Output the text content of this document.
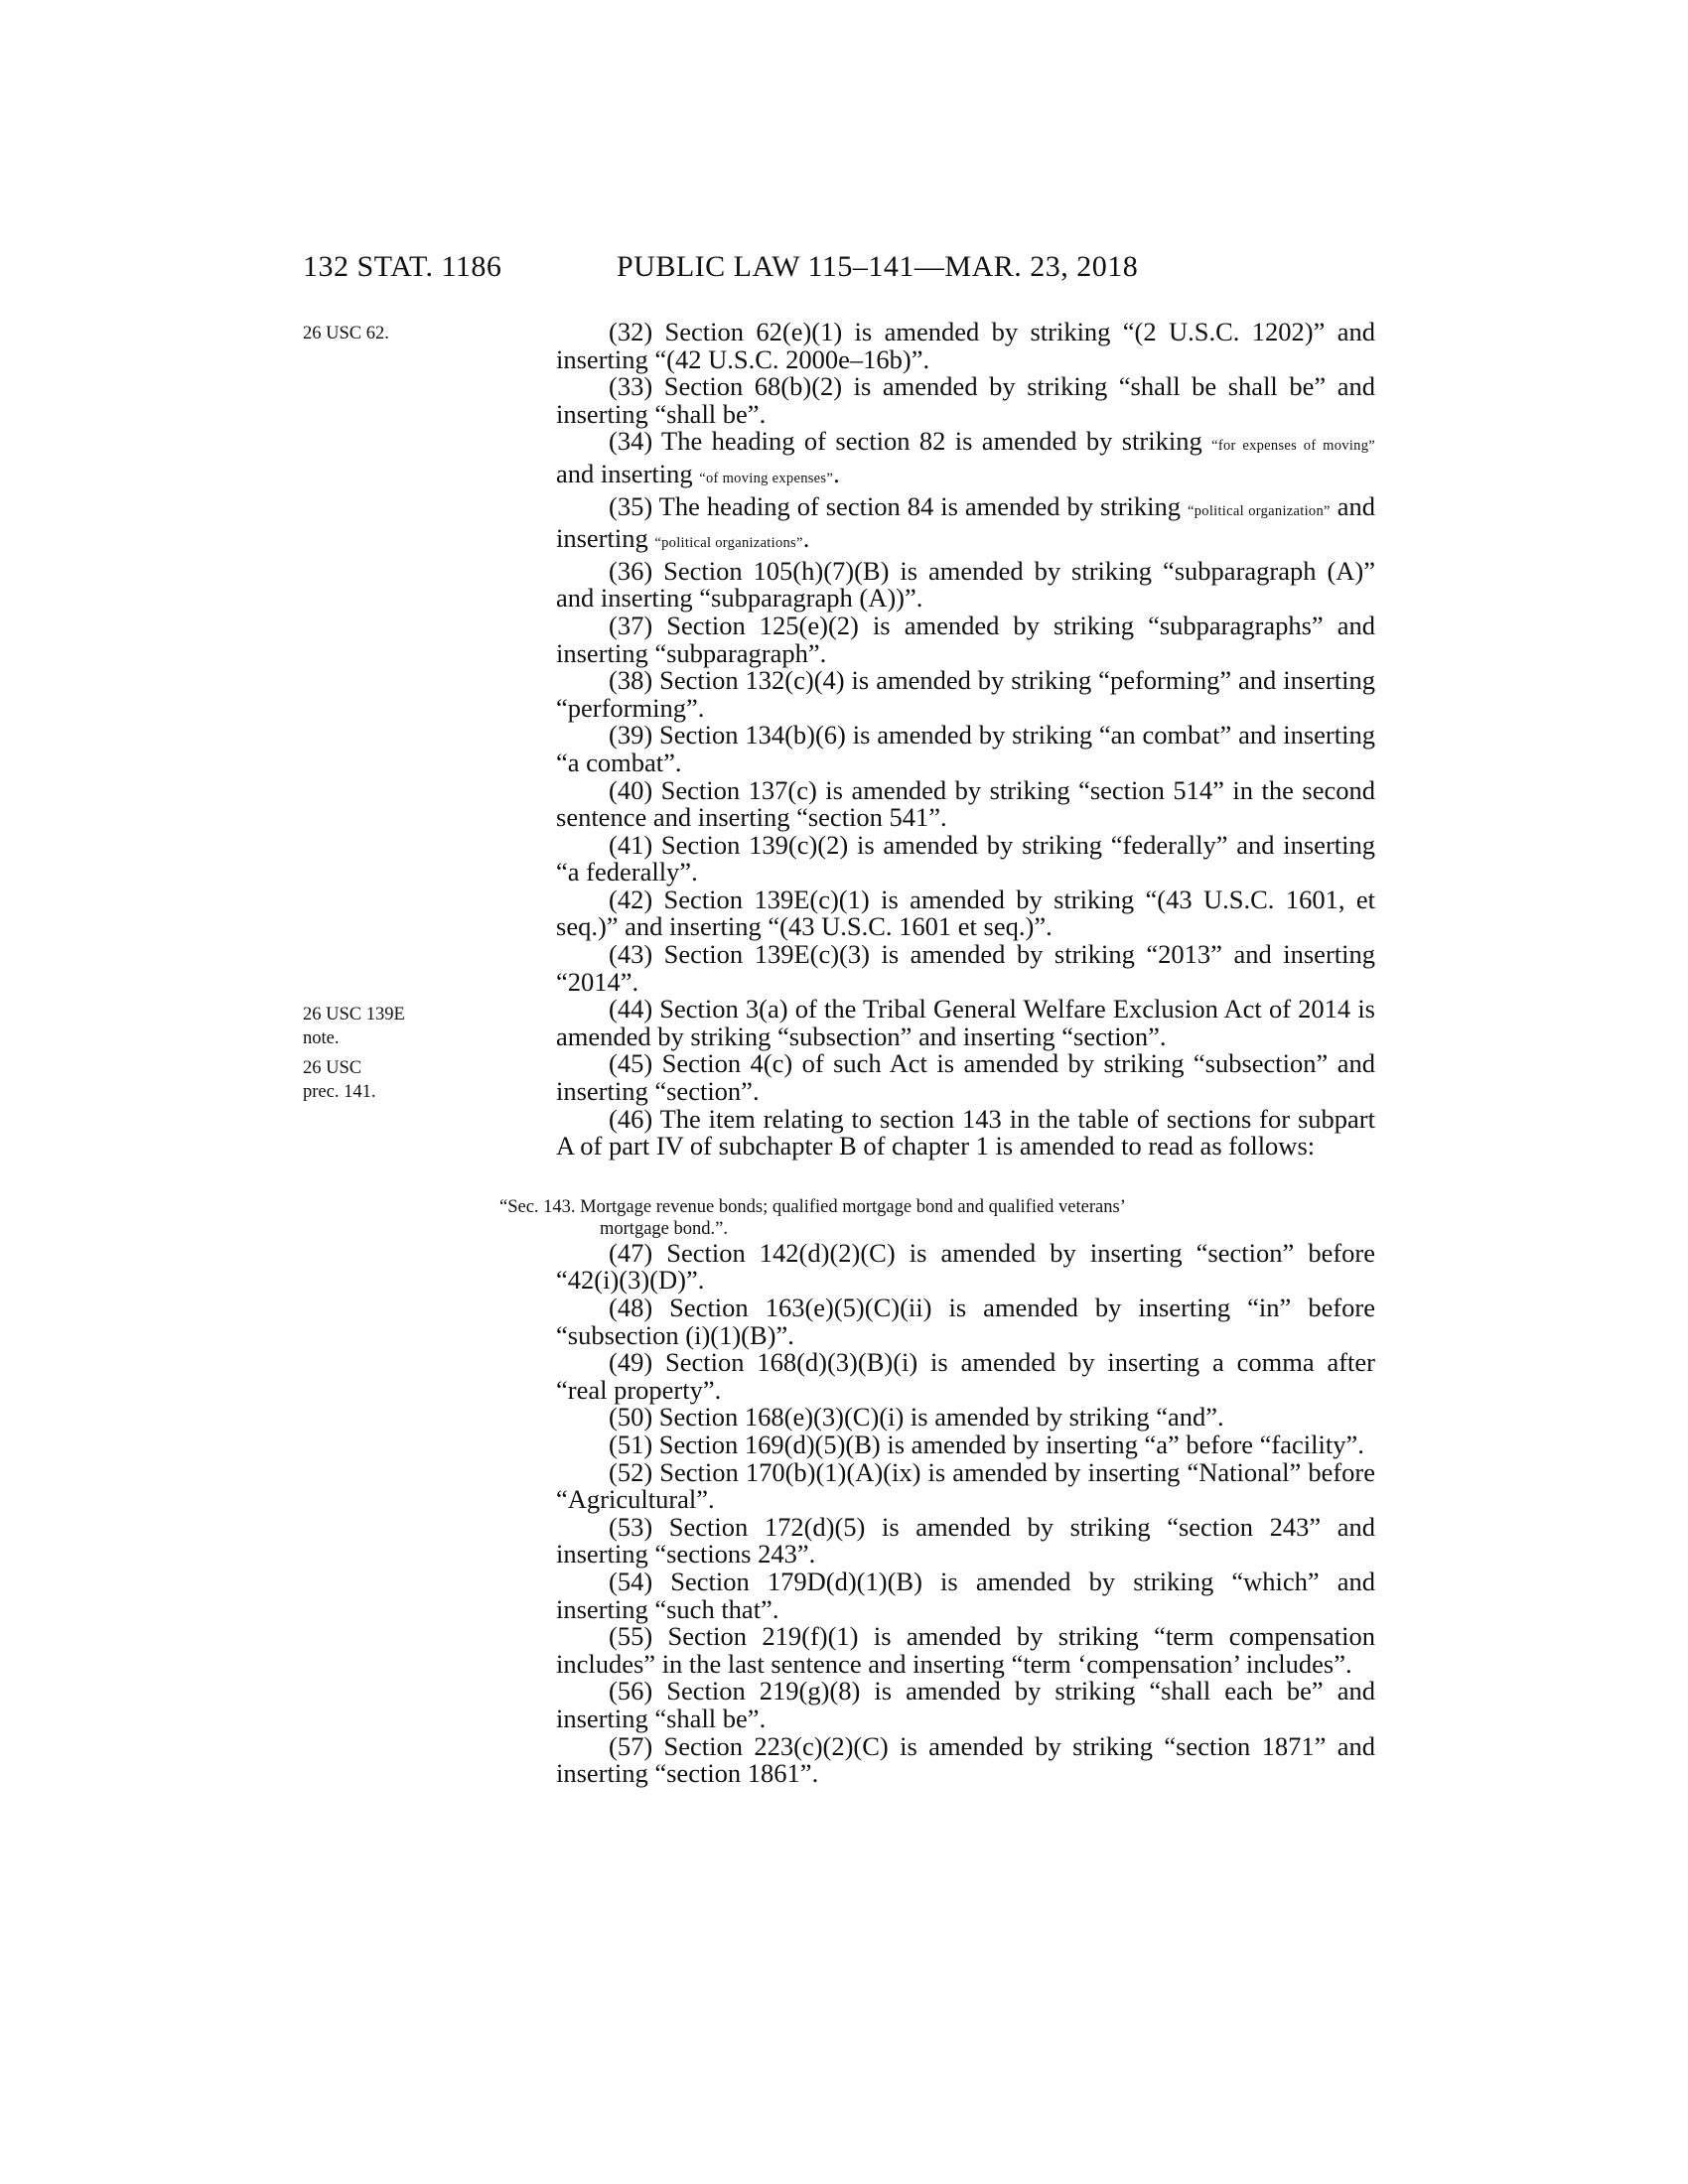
132 STAT. 1186	PUBLIC LAW 115–141—MAR. 23, 2018
26 USC 62.
26 USC 139E
note.
26 USC
prec. 141.

(32) Section 62(e)(1) is amended by striking “(2 U.S.C. 1202)” and inserting “(42 U.S.C. 2000e–16b)”.

(33) Section 68(b)(2) is amended by striking “shall be shall be” and inserting “shall be”.

(34) The heading of section 82 is amended by striking “for expenses of moving” and inserting “of moving expenses”.

(35) The heading of section 84 is amended by striking “political organization” and inserting “political organizations”.

(36) Section 105(h)(7)(B) is amended by striking “subparagraph (A)” and inserting “subparagraph (A))”.

(37) Section 125(e)(2) is amended by striking “subparagraphs” and inserting “subparagraph”.

(38) Section 132(c)(4) is amended by striking “peforming” and inserting “performing”.

(39) Section 134(b)(6) is amended by striking “an combat” and inserting “a combat”.

(40) Section 137(c) is amended by striking “section 514” in the second sentence and inserting “section 541”.

(41) Section 139(c)(2) is amended by striking “federally” and inserting “a federally”.

(42) Section 139E(c)(1) is amended by striking “(43 U.S.C. 1601, et seq.)” and inserting “(43 U.S.C. 1601 et seq.)”.

(43) Section 139E(c)(3) is amended by striking “2013” and inserting “2014”.

(44) Section 3(a) of the Tribal General Welfare Exclusion Act of 2014 is amended by striking “subsection” and inserting “section”.

(45) Section 4(c) of such Act is amended by striking “subsection” and inserting “section”.

(46) The item relating to section 143 in the table of sections for subpart A of part IV of subchapter B of chapter 1 is amended to read as follows:

“Sec. 143. Mortgage revenue bonds; qualified mortgage bond and qualified veterans’
mortgage bond.”.

(47) Section 142(d)(2)(C) is amended by inserting “section” before “42(i)(3)(D)”.

(48) Section 163(e)(5)(C)(ii) is amended by inserting “in” before “subsection (i)(1)(B)”.

(49) Section 168(d)(3)(B)(i) is amended by inserting a comma after “real property”.

(50) Section 168(e)(3)(C)(i) is amended by striking “and”.

(51) Section 169(d)(5)(B) is amended by inserting “a” before “facility”.

(52) Section 170(b)(1)(A)(ix) is amended by inserting “National” before “Agricultural”.

(53) Section 172(d)(5) is amended by striking “section 243” and inserting “sections 243”.

(54) Section 179D(d)(1)(B) is amended by striking “which” and inserting “such that”.

(55) Section 219(f)(1) is amended by striking “term compensation includes” in the last sentence and inserting “term ‘compensation’ includes”.

(56) Section 219(g)(8) is amended by striking “shall each be” and inserting “shall be”.

(57) Section 223(c)(2)(C) is amended by striking “section 1871” and inserting “section 1861”.
